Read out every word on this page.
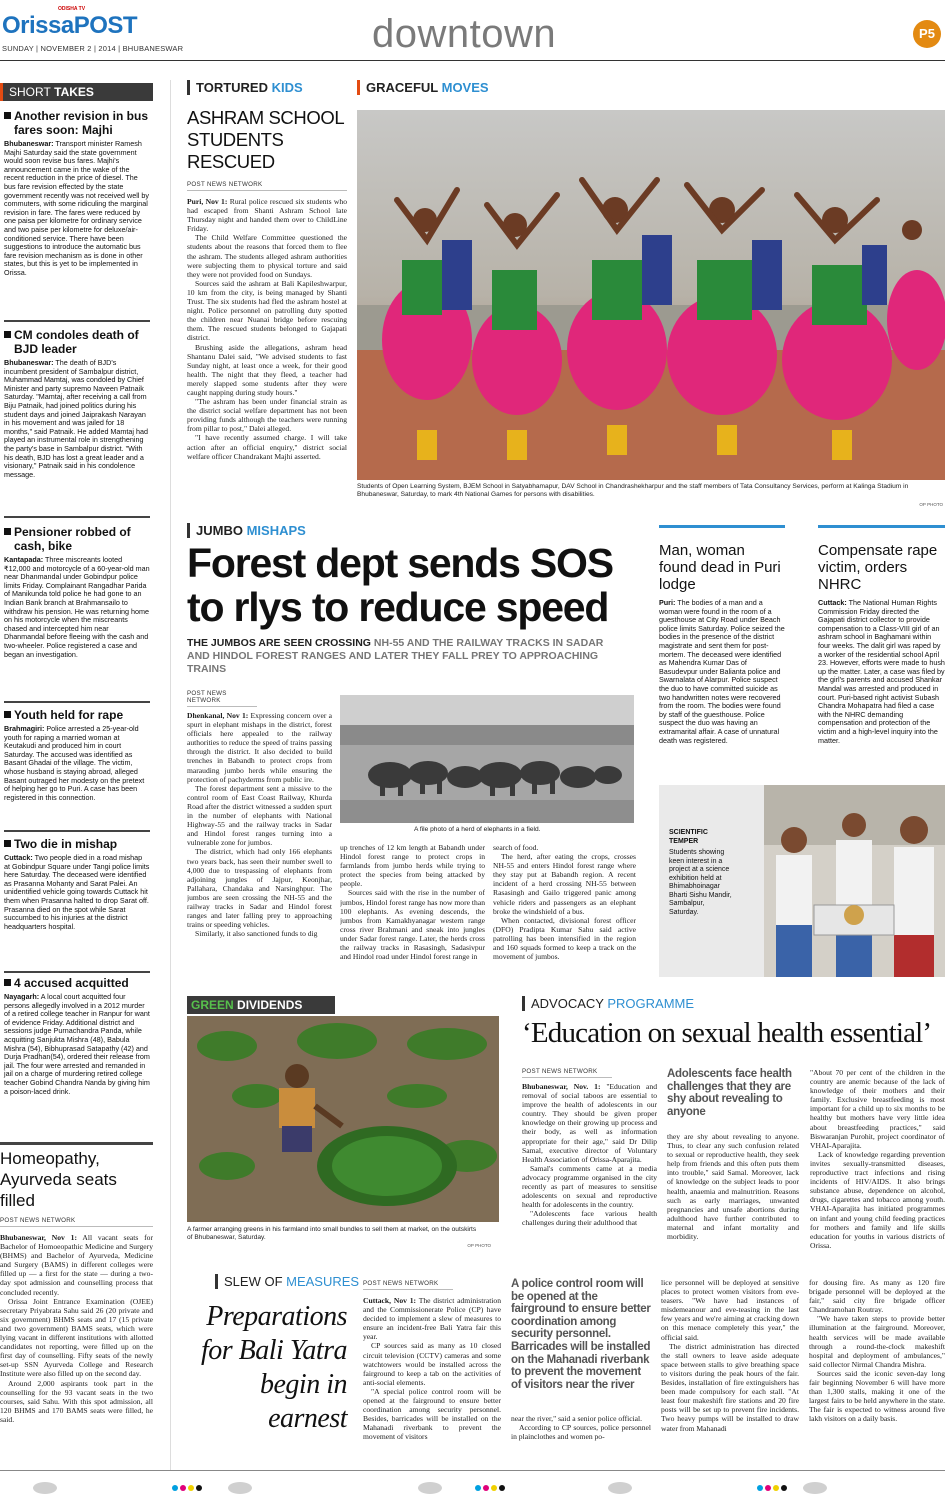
ODISHA TV
OrissaPOST
SUNDAY | NOVEMBER 2 | 2014 | BHUBANESWAR	downtown	P5
SHORT TAKES
Another revision in bus fares soon: Majhi
Bhubaneswar: Transport minister Ramesh Majhi Saturday said the state government would soon revise bus fares. Majhi's announcement came in the wake of the recent reduction in the price of diesel. The bus fare revision effected by the state government recently was not received well by commuters, with some ridiculing the marginal revision in fare. The fares were reduced by one paisa per kilometre for ordinary service and two paise per kilometre for deluxe/air-conditioned service. There have been suggestions to introduce the automatic bus fare revision mechanism as is done in other states, but this is yet to be implemented in Orissa.
CM condoles death of BJD leader
Bhubaneswar: The death of BJD's incumbent president of Sambalpur district, Muhammad Mamtaj, was condoled by Chief Minister and party supremo Naveen Patnaik Saturday. "Mamtaj, after receiving a call from Biju Patnaik, had joined politics during his student days and joined Jaiprakash Narayan in his movement and was jailed for 18 months," said Patnaik. He added Mamtaj had played an instrumental role in strengthening the party's base in Sambalpur district. "With his death, BJD has lost a great leader and a visionary," Patnaik said in his condolence message.
Pensioner robbed of cash, bike
Kantapada: Three miscreants looted ₹12,000 and motorcycle of a 60-year-old man near Dhanmandal under Gobindpur police limits Friday. Complainant Rangadhar Parida of Manikunda told police he had gone to an Indian Bank branch at Brahmansailo to withdraw his pension. He was returning home on his motorcycle when the miscreants chased and intercepted him near Dhanmandal before fleeing with the cash and two-wheeler. Police registered a case and began an investigation.
Youth held for rape
Brahmagiri: Police arrested a 25-year-old youth for raping a married woman at Keutakudi and produced him in court Saturday. The accused was identified as Basant Ghadai of the village. The victim, whose husband is staying abroad, alleged Basant outraged her modesty on the pretext of helping her go to Puri. A case has been registered in this connection.
Two die in mishap
Cuttack: Two people died in a road mishap at Gobindpur Square under Tangi police limits here Saturday. The deceased were identified as Prasanna Mohanty and Sarat Palei. An unidentified vehicle going towards Cuttack hit them when Prasanna halted to drop Sarat off. Prasanna died on the spot while Sarat succumbed to his injuries at the district headquarters hospital.
4 accused acquitted
Nayagarh: A local court acquitted four persons allegedly involved in a 2012 murder of a retired college teacher in Ranpur for want of evidence Friday. Additional district and sessions judge Purnachandra Panda, while acquitting Sanjukta Mishra (48), Babula Mishra (54), Bibhuprasad Satapathy (42) and Durja Pradhan(54), ordered their release from jail. The four were arrested and remanded in jail on a charge of murdering retired college teacher Gobind Chandra Nanda by giving him a poison-laced drink.
Homeopathy, Ayurveda seats filled
POST NEWS NETWORK

Bhubaneswar, Nov 1: All vacant seats for Bachelor of Homoeopathic Medicine and Surgery (BHMS) and Bachelor of Ayurveda, Medicine and Surgery (BAMS) in different colleges were filled up — a first for the state — during a two-day spot admission and counselling process that concluded recently.

Orissa Joint Entrance Examination (OJEE) secretary Priyabrata Sahu said 26 (20 private and six government) BHMS seats and 17 (15 private and two government) BAMS seats, which were lying vacant in different institutions with allotted candidates not reporting, were filled up on the first day of counselling. Fifty seats of the newly set-up SSN Ayurveda College and Research Institute were also filled up on the second day.

Around 2,000 aspirants took part in the counselling for the 93 vacant seats in the two courses, said Sahu. With this spot admission, all 120 BHMS and 170 BAMS seats were filled, he said.

TORTURED KIDS
ASHRAM SCHOOL STUDENTS RESCUED
POST NEWS NETWORK

Puri, Nov 1: Rural police rescued six students who had escaped from Shanti Ashram School late Thursday night and handed them over to ChildLine Friday.

The Child Welfare Committee questioned the students about the reasons that forced them to flee the ashram. The students alleged ashram authorities were subjecting them to physical torture and said they were not provided food on Sundays.

Sources said the ashram at Bali Kapileshwarpur, 10 km from the city, is being managed by Shanti Trust. The six students had fled the ashram hostel at night. Police personnel on patrolling duty spotted the children near Nuanai bridge before rescuing them. The rescued students belonged to Gajapati district.

Brushing aside the allegations, ashram head Shantanu Dalei said, "We advised students to fast Sunday night, at least once a week, for their good health. The night that they fleed, a teacher had merely slapped some students after they were caught napping during study hours."

"The ashram has been under financial strain as the district social welfare department has not been providing funds although the teachers were running from pillar to post," Dalei alleged.

"I have recently assumed charge. I will take action after an official enquiry," district social welfare officer Chandrakant Majhi asserted.

GRACEFUL MOVES
Students of Open Learning System, BJEM School in Satyabhamapur, DAV School in Chandrashekharpur and the staff members of Tata Consultancy Services, perform at Kalinga Stadium in Bhubaneswar, Saturday, to mark 4th National Games for persons with disabilities.
OP PHOTO
JUMBO MISHAPS
Forest dept sends SOS to rlys to reduce speed
THE JUMBOS ARE SEEN CROSSING NH-55 AND THE RAILWAY TRACKS IN SADAR AND HINDOL FOREST RANGES AND LATER THEY FALL PREY TO APPROACHING TRAINS
POST NEWS NETWORK

Dhenkanal, Nov 1: Expressing concern over a spurt in elephant mishaps in the district, forest officials here appealed to the railway authorities to reduce the speed of trains passing through the district. It also decided to build trenches in Babandh to protect crops from marauding jumbo herds while ensuring the protection of pachyderms from public ire.

The forest department sent a missive to the control room of East Coast Railway, Khurda Road after the district witnessed a sudden spurt in the number of elephants with National Highway-55 and the railway tracks in Sadar and Hindol forest ranges turning into a vulnerable zone for jumbos.

The district, which had only 166 elephants two years back, has seen their number swell to 4,000 due to trespassing of elephants from adjoining jungles of Jajpur, Keonjhar, Pallahara, Chandaka and Narsinghpur. The jumbos are seen crossing the NH-55 and the railway tracks in Sadar and Hindol forest ranges and later falling prey to approaching trains or speeding vehicles.

Similarly, it also sanctioned funds to dig

A file photo of a herd of elephants in a field.

up trenches of 12 km length at Babandh under Hindol forest range to protect crops in farmlands from jumbo herds while trying to protect the species from being attacked by people.

Sources said with the rise in the number of jumbos, Hindol forest range has now more than 100 elephants. As evening descends, the jumbos from Kamakhyanagar western range cross river Brahmani and sneak into jungles under Sadar forest range. Later, the herds cross the railway tracks in Rasasingh, Sadasivpur and Hindol road under Hindol forest range in

search of food.

The herd, after eating the crops, crosses NH-55 and enters Hindol forest range where they stay put at Babandh region. A recent incident of a herd crossing NH-55 between Rasasingh and Gailo triggered panic among vehicle riders and passengers as an elephant broke the windshield of a bus.

When contacted, divisional forest officer (DFO) Pradipta Kumar Sahu said active patrolling has been intensified in the region and 160 squads formed to keep a track on the movement of jumbos.

Man, woman found dead in Puri lodge
Puri: The bodies of a man and a woman were found in the room of a guesthouse at City Road under Beach police limits Saturday. Police seized the bodies in the presence of the district magistrate and sent them for post-mortem. The deceased were identified as Mahendra Kumar Das of Basudevpur under Balianta police and Swarnalata of Alarpur. Police suspect the duo to have committed suicide as two handwritten notes were recovered from the room. The bodies were found by staff of the guesthouse. Police suspect the duo was having an extramarital affair. A case of unnatural death was registered.
Compensate rape victim, orders NHRC
Cuttack: The National Human Rights Commission Friday directed the Gajapati district collector to provide compensation to a Class-VIII girl of an ashram school in Baghamani within four weeks. The dalit girl was raped by a worker of the residential school April 23. However, efforts were made to hush up the matter. Later, a case was filed by the girl's parents and accused Shankar Mandal was arrested and produced in court. Puri-based right activist Subash Chandra Mohapatra had filed a case with the NHRC demanding compensation and protection of the victim and a high-level inquiry into the matter.
SCIENTIFIC TEMPER
Students showing keen interest in a project at a science exhibition held at Bhimabhoinagar Bharti Sishu Mandir, Sambalpur, Saturday.
GREEN DIVIDENDS
A farmer arranging greens in his farmland into small bundles to sell them at market, on the outskirts of Bhubaneswar, Saturday.
OP PHOTO
ADVOCACY PROGRAMME
‘Education on sexual health essential’
POST NEWS NETWORK

Bhubaneswar, Nov. 1: "Education and removal of social taboos are essential to improve the health of adolescents in our country. They should be given proper knowledge on their growing up process and their body, as well as information appropriate for their age," said Dr Dilip Samal, executive director of Voluntary Health Association of Orissa-Aparajita.

Samal's comments came at a media advocacy programme organised in the city recently as part of measures to sensitise adolescents on sexual and reproductive health for adolescents in the country.

"Adolescents face various health challenges during their adulthood that

Adolescents face health challenges that they are shy about revealing to anyone

they are shy about revealing to anyone. Thus, to clear any such confusion related to sexual or reproductive health, they seek help from friends and this often puts them into trouble," said Samal. Moreover, lack of knowledge on the subject leads to poor health, anaemia and malnutrition. Reasons such as early marriages, unwanted pregnancies and unsafe abortions during adulthood have further contributed to maternal and infant mortality and morbidity.

"About 70 per cent of the children in the country are anemic because of the lack of knowledge of their mothers and their family. Exclusive breastfeeding is most important for a child up to six months to be healthy but mothers have very little idea about breastfeeding practices," said Biswaranjan Purohit, project coordinator of VHAI-Aparajita.

Lack of knowledge regarding prevention invites sexually-transmitted diseases, reproductive tract infections and rising incidents of HIV/AIDS. It also brings substance abuse, dependence on alcohol, drugs, cigarettes and tobacco among youth. VHAI-Aparajita has initiated programmes on infant and young child feeding practices for mothers and family and life skills education for youths in various districts of Orissa.

SLEW OF MEASURES
Preparations for Bali Yatra begin in earnest
POST NEWS NETWORK

Cuttack, Nov 1: The district administration and the Commissionerate Police (CP) have decided to implement a slew of measures to ensure an incident-free Bali Yatra fair this year.

CP sources said as many as 10 closed circuit television (CCTV) cameras and some watchtowers would be installed across the fairground to keep a tab on the activities of anti-social elements.

"A special police control room will be opened at the fairground to ensure better coordination among security personnel. Besides, barricades will be installed on the Mahanadi riverbank to prevent the movement of visitors

A police control room will be opened at the fairground to ensure better coordination among security personnel. Barricades will be installed on the Mahanadi riverbank to prevent the movement of visitors near the river

near the river," said a senior police official.

According to CP sources, police personnel in plainclothes and women po-

lice personnel will be deployed at sensitive places to protect women visitors from eve-teasers. "We have had instances of misdemeanour and eve-teasing in the last few years and we're aiming at cracking down on this menace completely this year," the official said.

The district administration has directed the stall owners to leave aside adequate space between stalls to give breathing space to visitors during the peak hours of the fair. Besides, installation of fire extinguishers has been made compulsory for each stall. "At least four makeshift fire stations and 20 fire posts will be set up to prevent fire incidents. Two heavy pumps will be installed to draw water from Mahanadi

for dousing fire. As many as 120 fire brigade personnel will be deployed at the fair," said city fire brigade officer Chandramohan Routray.

"We have taken steps to provide better illumination at the fairground. Moreover, health services will be made available through a round-the-clock makeshift hospital and deployment of ambulances," said collector Nirmal Chandra Mishra.

Sources said the iconic seven-day long fair beginning November 6 will have more than 1,300 stalls, making it one of the largest fairs to be held anywhere in the state. The fair is expected to witness around five lakh visitors on a daily basis.
